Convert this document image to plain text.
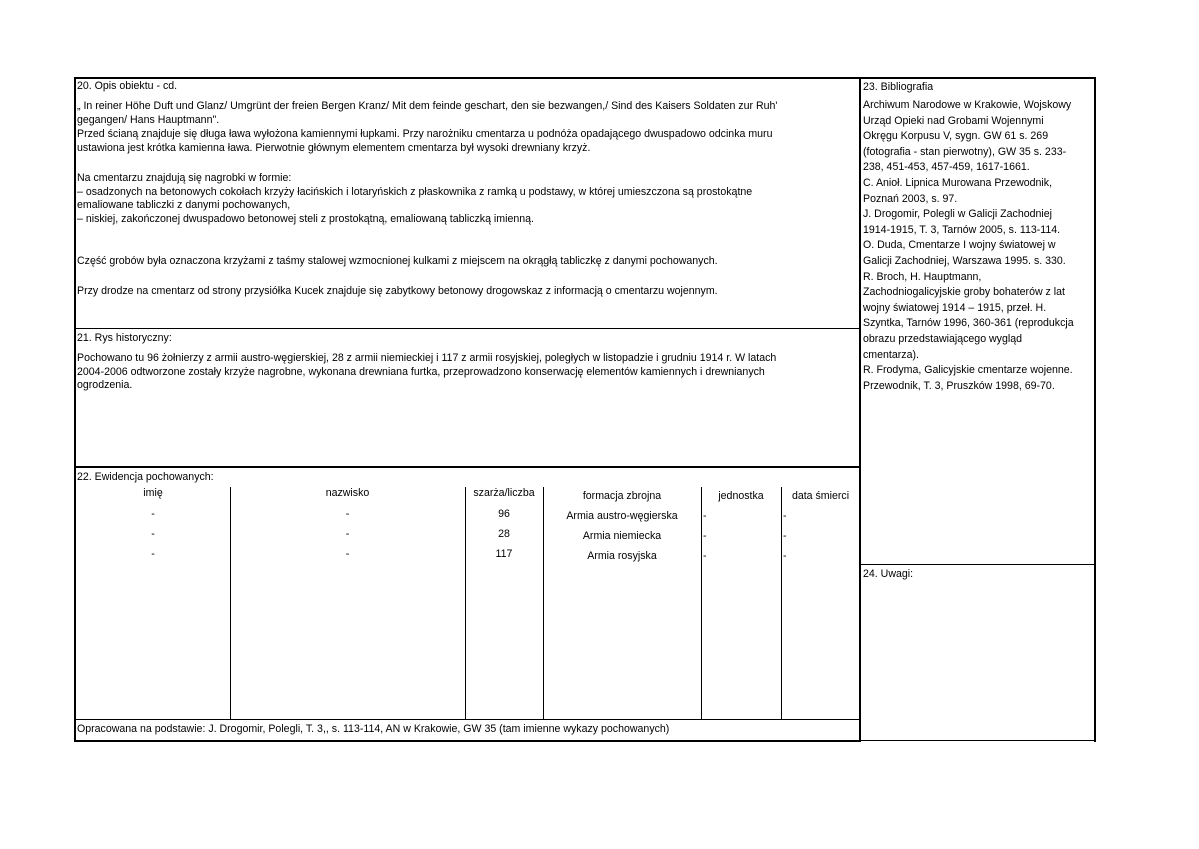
20. Opis obiektu - cd.
„ In reiner Höhe Duft und Glanz/ Umgrünt der freien Bergen Kranz/ Mit dem feinde geschart, den sie bezwangen,/ Sind des Kaisers Soldaten zur Ruh'
gegangen/ Hans Hauptmann".
Przed ścianą znajduje się długa ława wyłożona kamiennymi łupkami. Przy narożniku cmentarza u podnóża opadającego dwuspadowo odcinka muru
ustawiona jest krótka kamienna ława. Pierwotnie głównym elementem cmentarza był wysoki drewniany krzyż.
Na cmentarzu znajdują się nagrobki w formie:
– osadzonych na betonowych cokołach krzyży łacińskich i lotaryńskich z płaskownika z ramką u podstawy, w której umieszczona są prostokątne
emaliowane tabliczki z danymi pochowanych,
– niskiej, zakończonej dwuspadowo betonowej steli z prostokątną, emaliowaną tabliczką imienną.
Część grobów była oznaczona krzyżami z taśmy stalowej wzmocnionej kulkami z miejscem na okrągłą tabliczkę z danymi pochowanych.
Przy drodze na cmentarz od strony przysiółka Kucek znajduje się zabytkowy betonowy drogowskaz z informacją o cmentarzu wojennym.
21. Rys historyczny:
Pochowano tu 96 żołnierzy z armii austro-węgierskiej, 28 z armii niemieckiej i 117 z armii rosyjskiej, poległych w listopadzie i grudniu 1914 r. W latach
2004-2006 odtworzone zostały krzyże nagrobne, wykonana drewniana furtka, przeprowadzono konserwację elementów kamiennych i drewnianych
ogrodzenia.
22. Ewidencja pochowanych:
imię	nazwisko	szarża/liczba	formacja zbrojna	jednostka	data śmierci
-	-	96	Armia austro-węgierska	-	-
-	-	28	Armia niemiecka	-	-
-	-	117	Armia rosyjska	-	-
Opracowana na podstawie: J. Drogomir, Polegli, T. 3,, s. 113-114, AN w Krakowie, GW 35 (tam imienne wykazy pochowanych)
23. Bibliografia
Archiwum Narodowe w Krakowie, Wojskowy
Urząd Opieki nad Grobami Wojennymi
Okręgu Korpusu V, sygn. GW 61 s. 269
(fotografia - stan pierwotny), GW 35 s. 233-
238, 451-453, 457-459, 1617-1661.
C. Anioł. Lipnica Murowana Przewodnik,
Poznań 2003, s. 97.
J. Drogomir, Polegli w Galicji Zachodniej
1914-1915, T. 3, Tarnów 2005, s. 113-114.
O. Duda, Cmentarze I wojny światowej w
Galicji Zachodniej, Warszawa 1995. s. 330.
R. Broch, H. Hauptmann,
Zachodniogalicyjskie groby bohaterów z lat
wojny światowej 1914 – 1915, przeł. H.
Szyntka, Tarnów 1996, 360-361 (reprodukcja
obrazu przedstawiającego wygląd
cmentarza).
R. Frodyma, Galicyjskie cmentarze wojenne.
Przewodnik, T. 3, Pruszków 1998, 69-70.
24. Uwagi:
